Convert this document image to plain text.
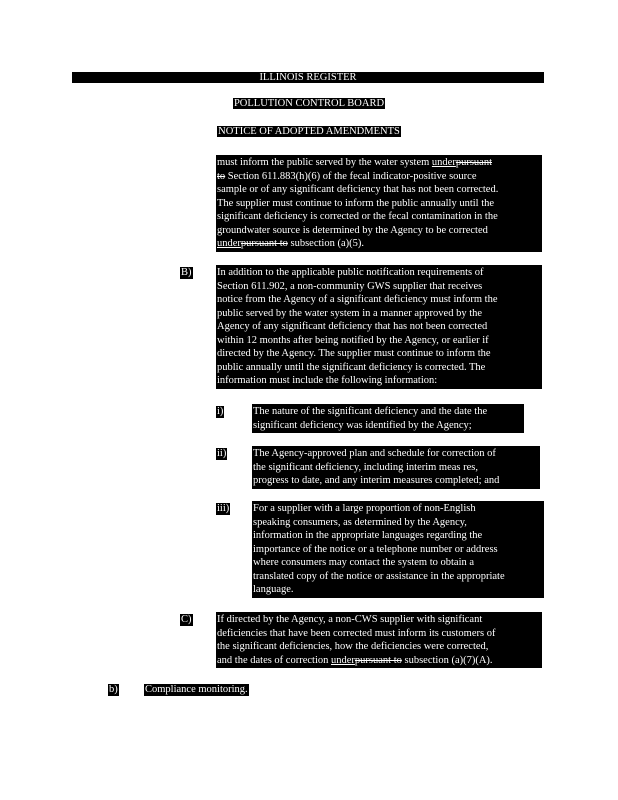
ILLINOIS REGISTER
POLLUTION CONTROL BOARD
NOTICE OF ADOPTED AMENDMENTS
must inform the public served by the water system underpursuant
to Section 611.883(h)(6) of the fecal indicator-positive source
sample or of any significant deficiency that has not been corrected.
The supplier must continue to inform the public annually until the
significant deficiency is corrected or the fecal contamination in the
groundwater source is determined by the Agency to be corrected
underpursuant to subsection (a)(5).
B) In addition to the applicable public notification requirements of
Section 611.902, a non-community GWS supplier that receives
notice from the Agency of a significant deficiency must inform the
public served by the water system in a manner approved by the
Agency of any significant deficiency that has not been corrected
within 12 months after being notified by the Agency, or earlier if
directed by the Agency. The supplier must continue to inform the
public annually until the significant deficiency is corrected. The
information must include the following information:
i)	The nature of the significant deficiency and the date the
significant deficiency was identified by the Agency;
ii)	The Agency-approved plan and schedule for correction of
the significant deficiency, including interim meas res,
progress to date, and any interim measures completed; and
iii) For a supplier with a large proportion of non-English
speaking consumers, as determined by the Agency,
information in the appropriate languages regarding the
importance of the notice or a telephone number or address
where consumers may contact the system to obtain a
translated copy of the notice or assistance in the appropriate
language.
C) If directed by the Agency, a non-CWS supplier with significant
deficiencies that have been corrected must inform its customers of
the significant deficiencies, how the deficiencies were corrected,
and the dates of correction underpursuant to subsection (a)(7)(A).
b)	Compliance monitoring.
